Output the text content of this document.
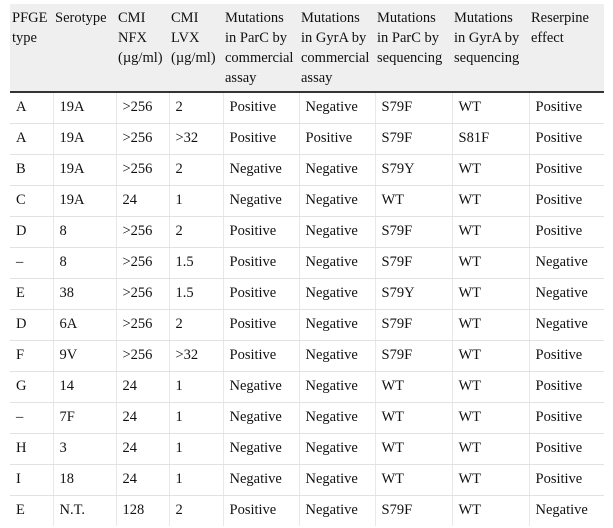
PFGE type	Serotype	CMI NFX (µg/ml)	CMI LVX (µg/ml)	Mutations in ParC by commercial assay	Mutations in GyrA by commercial assay	Mutations in ParC by sequencing	Mutations in GyrA by sequencing	Reserpine effect
A	19A	>256	2	Positive	Negative	S79F	WT	Positive
A	19A	>256	>32	Positive	Positive	S79F	S81F	Positive
B	19A	>256	2	Negative	Negative	S79Y	WT	Positive
C	19A	24	1	Negative	Negative	WT	WT	Positive
D	8	>256	2	Positive	Negative	S79F	WT	Positive
–	8	>256	1.5	Positive	Negative	S79F	WT	Negative
E	38	>256	1.5	Positive	Negative	S79Y	WT	Negative
D	6A	>256	2	Positive	Negative	S79F	WT	Negative
F	9V	>256	>32	Positive	Negative	S79F	WT	Positive
G	14	24	1	Negative	Negative	WT	WT	Positive
–	7F	24	1	Negative	Negative	WT	WT	Positive
H	3	24	1	Negative	Negative	WT	WT	Positive
I	18	24	1	Negative	Negative	WT	WT	Positive
E	N.T.	128	2	Positive	Negative	S79F	WT	Negative
